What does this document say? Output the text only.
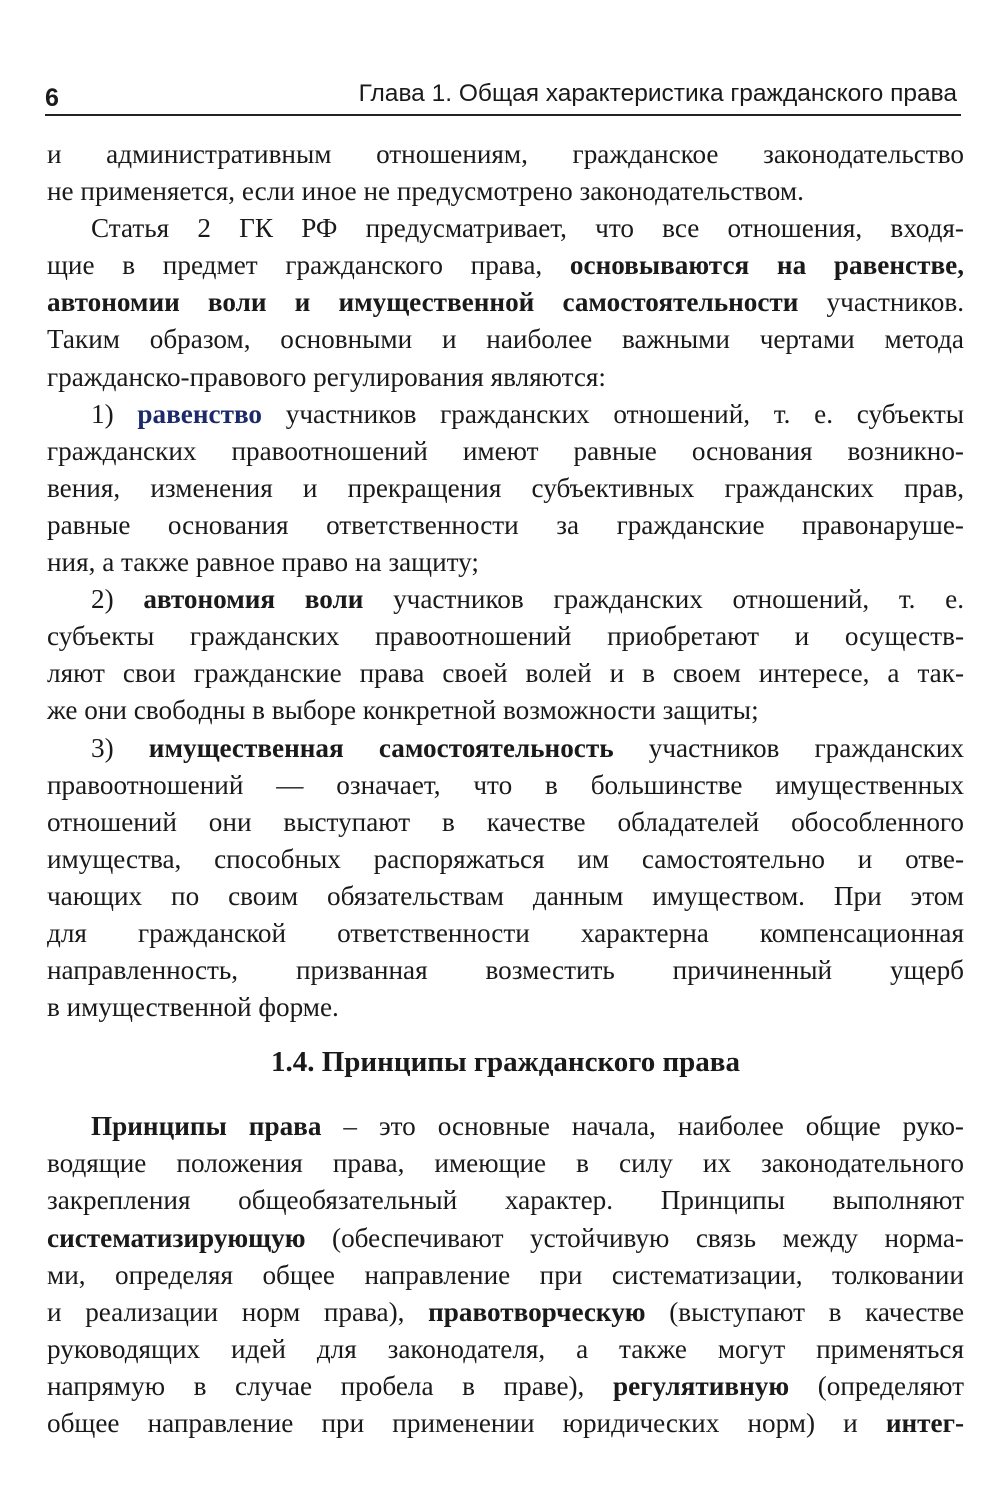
6	Глава 1. Общая характеристика гражданского права
и административным отношениям, гражданское законодательство
не применяется, если иное не предусмотрено законодательством.
Статья 2 ГК РФ предусматривает, что все отношения, входя-
щие в предмет гражданского права, основываются на равенстве,
автономии воли и имущественной самостоятельности участников.
Таким образом, основными и наиболее важными чертами метода
гражданско-правового регулирования являются:
1) равенство участников гражданских отношений, т. е. субъекты
гражданских правоотношений имеют равные основания возникно-
вения, изменения и прекращения субъективных гражданских прав,
равные основания ответственности за гражданские правонаруше-
ния, а также равное право на защиту;
2) автономия воли участников гражданских отношений, т. е.
субъекты гражданских правоотношений приобретают и осуществ-
ляют свои гражданские права своей волей и в своем интересе, а так-
же они свободны в выборе конкретной возможности защиты;
3) имущественная самостоятельность участников гражданских
правоотношений — означает, что в большинстве имущественных
отношений они выступают в качестве обладателей обособленного
имущества, способных распоряжаться им самостоятельно и отве-
чающих по своим обязательствам данным имуществом. При этом
для гражданской ответственности характерна компенсационная
направленность, призванная возместить причиненный ущерб
в имущественной форме.
1.4. Принципы гражданского права
Принципы права – это основные начала, наиболее общие руко-
водящие положения права, имеющие в силу их законодательного
закрепления общеобязательный характер. Принципы выполняют
систематизирующую (обеспечивают устойчивую связь между норма-
ми, определяя общее направление при систематизации, толковании
и реализации норм права), правотворческую (выступают в качестве
руководящих идей для законодателя, а также могут применяться
напрямую в случае пробела в праве), регулятивную (определяют
общее направление при применении юридических норм) и интег-
